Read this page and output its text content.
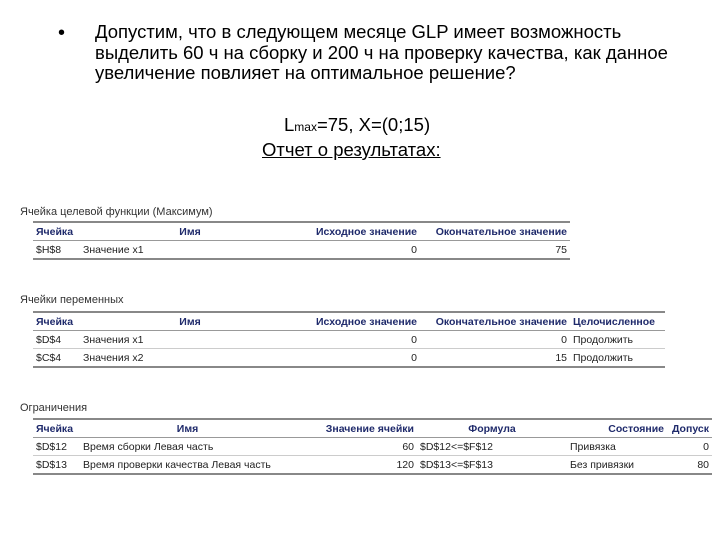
• Допустим, что в следующем месяце GLP имеет возможность выделить 60 ч на сборку и 200 ч на проверку качества, как данное увеличение повлияет на оптимальное решение?
Lmax=75, X=(0;15)
Отчет о результатах:
Ячейка целевой функции (Максимум)
Ячейка	Имя	Исходное значение	Окончательное значение
$H$8	Значение x1	0	75
Ячейки переменных
Ячейка	Имя	Исходное значение	Окончательное значение	Целочисленное
$D$4	Значения x1	0	0	Продолжить
$C$4	Значения x2	0	15	Продолжить
Ограничения
Ячейка	Имя	Значение ячейки	Формула	Состояние	Допуск
$D$12	Время сборки Левая часть	60	$D$12<=$F$12	Привязка	0
$D$13	Время проверки качества Левая часть	120	$D$13<=$F$13	Без привязки	80
